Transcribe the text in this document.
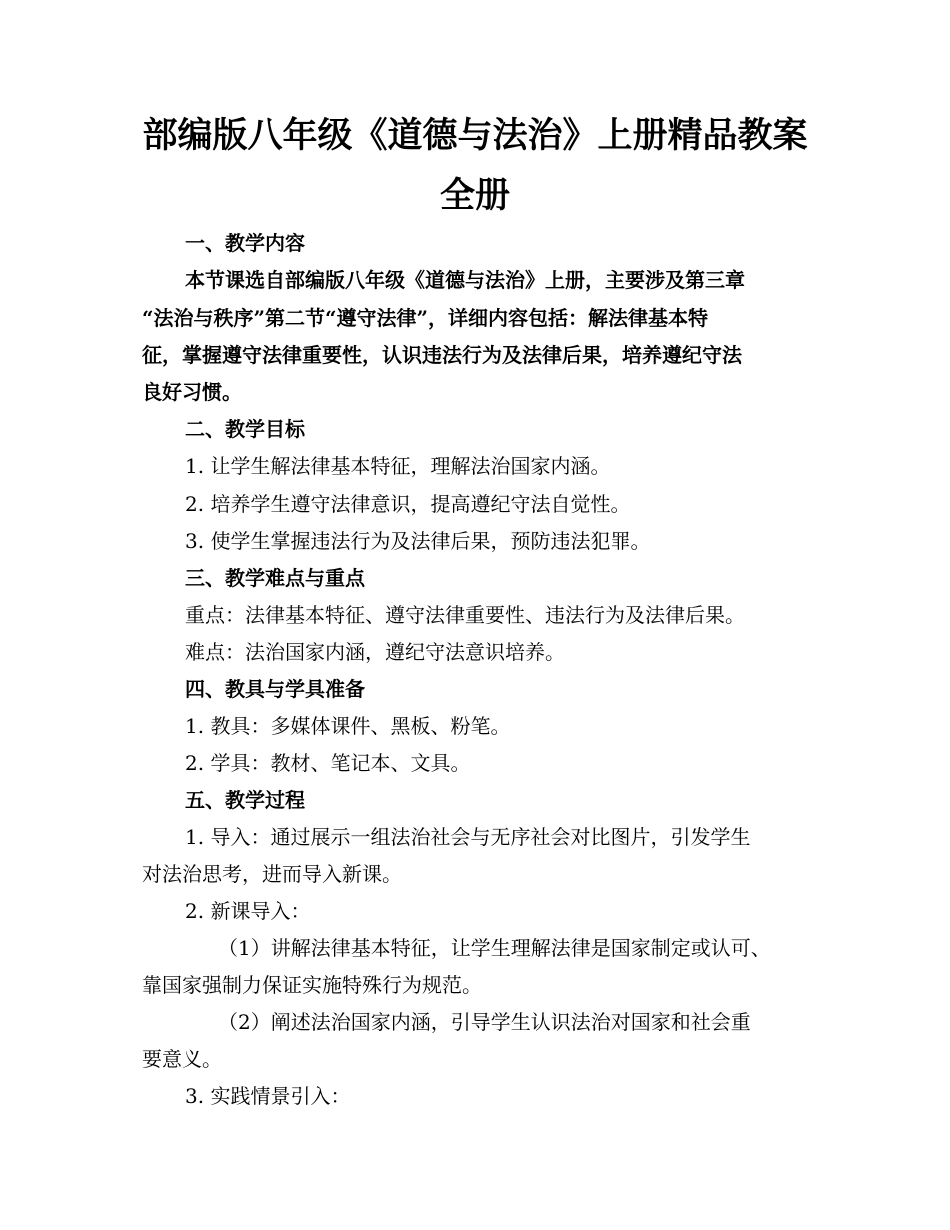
部编版八年级《道德与法治》上册精品教案
全册
一、教学内容
本节课选自部编版八年级《道德与法治》上册，主要涉及第三章
“法治与秩序”第二节“遵守法律”，详细内容包括：解法律基本特
征，掌握遵守法律重要性，认识违法行为及法律后果，培养遵纪守法
良好习惯。
二、教学目标
1. 让学生解法律基本特征，理解法治国家内涵。
2. 培养学生遵守法律意识，提高遵纪守法自觉性。
3. 使学生掌握违法行为及法律后果，预防违法犯罪。
三、教学难点与重点
重点：法律基本特征、遵守法律重要性、违法行为及法律后果。
难点：法治国家内涵，遵纪守法意识培养。
四、教具与学具准备
1. 教具：多媒体课件、黑板、粉笔。
2. 学具：教材、笔记本、文具。
五、教学过程
1. 导入：通过展示一组法治社会与无序社会对比图片，引发学生
对法治思考，进而导入新课。
2. 新课导入：
（1）讲解法律基本特征，让学生理解法律是国家制定或认可、
靠国家强制力保证实施特殊行为规范。
（2）阐述法治国家内涵，引导学生认识法治对国家和社会重
要意义。
3. 实践情景引入：
